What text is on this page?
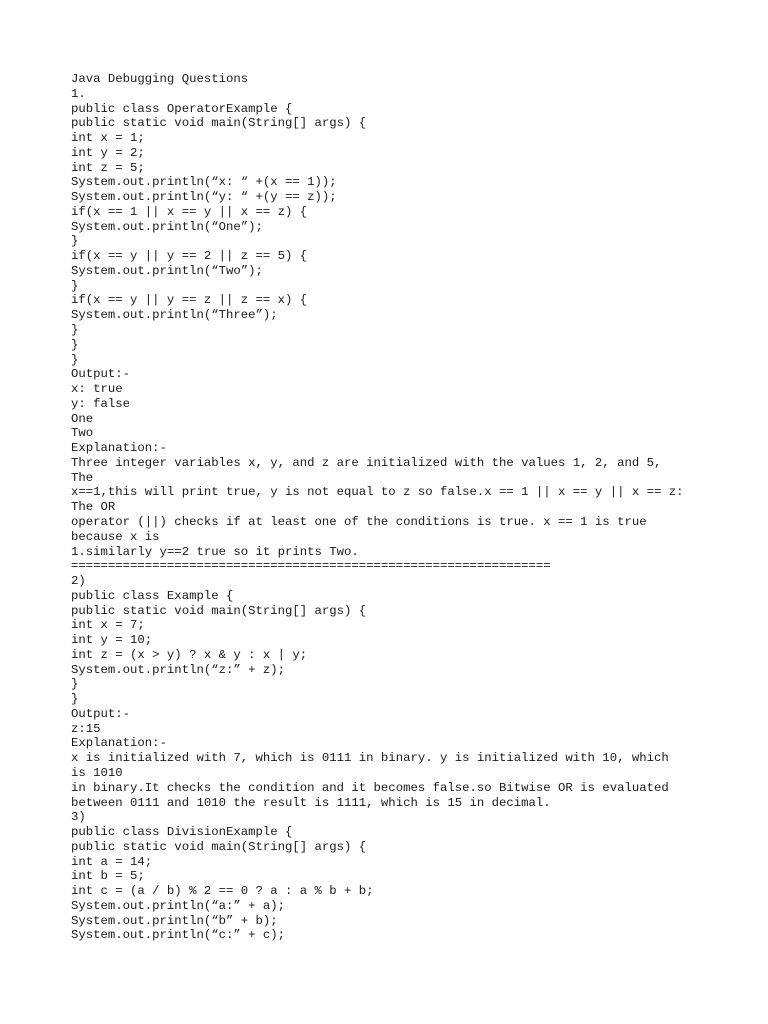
Java Debugging Questions
1.
public class OperatorExample {
public static void main(String[] args) {
int x = 1;
int y = 2;
int z = 5;
System.out.println(“x: “ +(x == 1));
System.out.println(“y: “ +(y == z));
if(x == 1 || x == y || x == z) {
System.out.println(“One”);
}
if(x == y || y == 2 || z == 5) {
System.out.println(“Two”);
}
if(x == y || y == z || z == x) {
System.out.println(“Three”);
}
}
}
Output:-
x: true
y: false
One
Two
Explanation:-
Three integer variables x, y, and z are initialized with the values 1, 2, and 5,
The
x==1,this will print true, y is not equal to z so false.x == 1 || x == y || x == z:
The OR
operator (||) checks if at least one of the conditions is true. x == 1 is true
because x is
1.similarly y==2 true so it prints Two.
=================================================================
2)
public class Example {
public static void main(String[] args) {
int x = 7;
int y = 10;
int z = (x > y) ? x & y : x | y;
System.out.println(“z:” + z);
}
}
Output:-
z:15
Explanation:-
x is initialized with 7, which is 0111 in binary. y is initialized with 10, which
is 1010
in binary.It checks the condition and it becomes false.so Bitwise OR is evaluated
between 0111 and 1010 the result is 1111, which is 15 in decimal.
3)
public class DivisionExample {
public static void main(String[] args) {
int a = 14;
int b = 5;
int c = (a / b) % 2 == 0 ? a : a % b + b;
System.out.println(“a:” + a);
System.out.println(“b” + b);
System.out.println(“c:” + c);
